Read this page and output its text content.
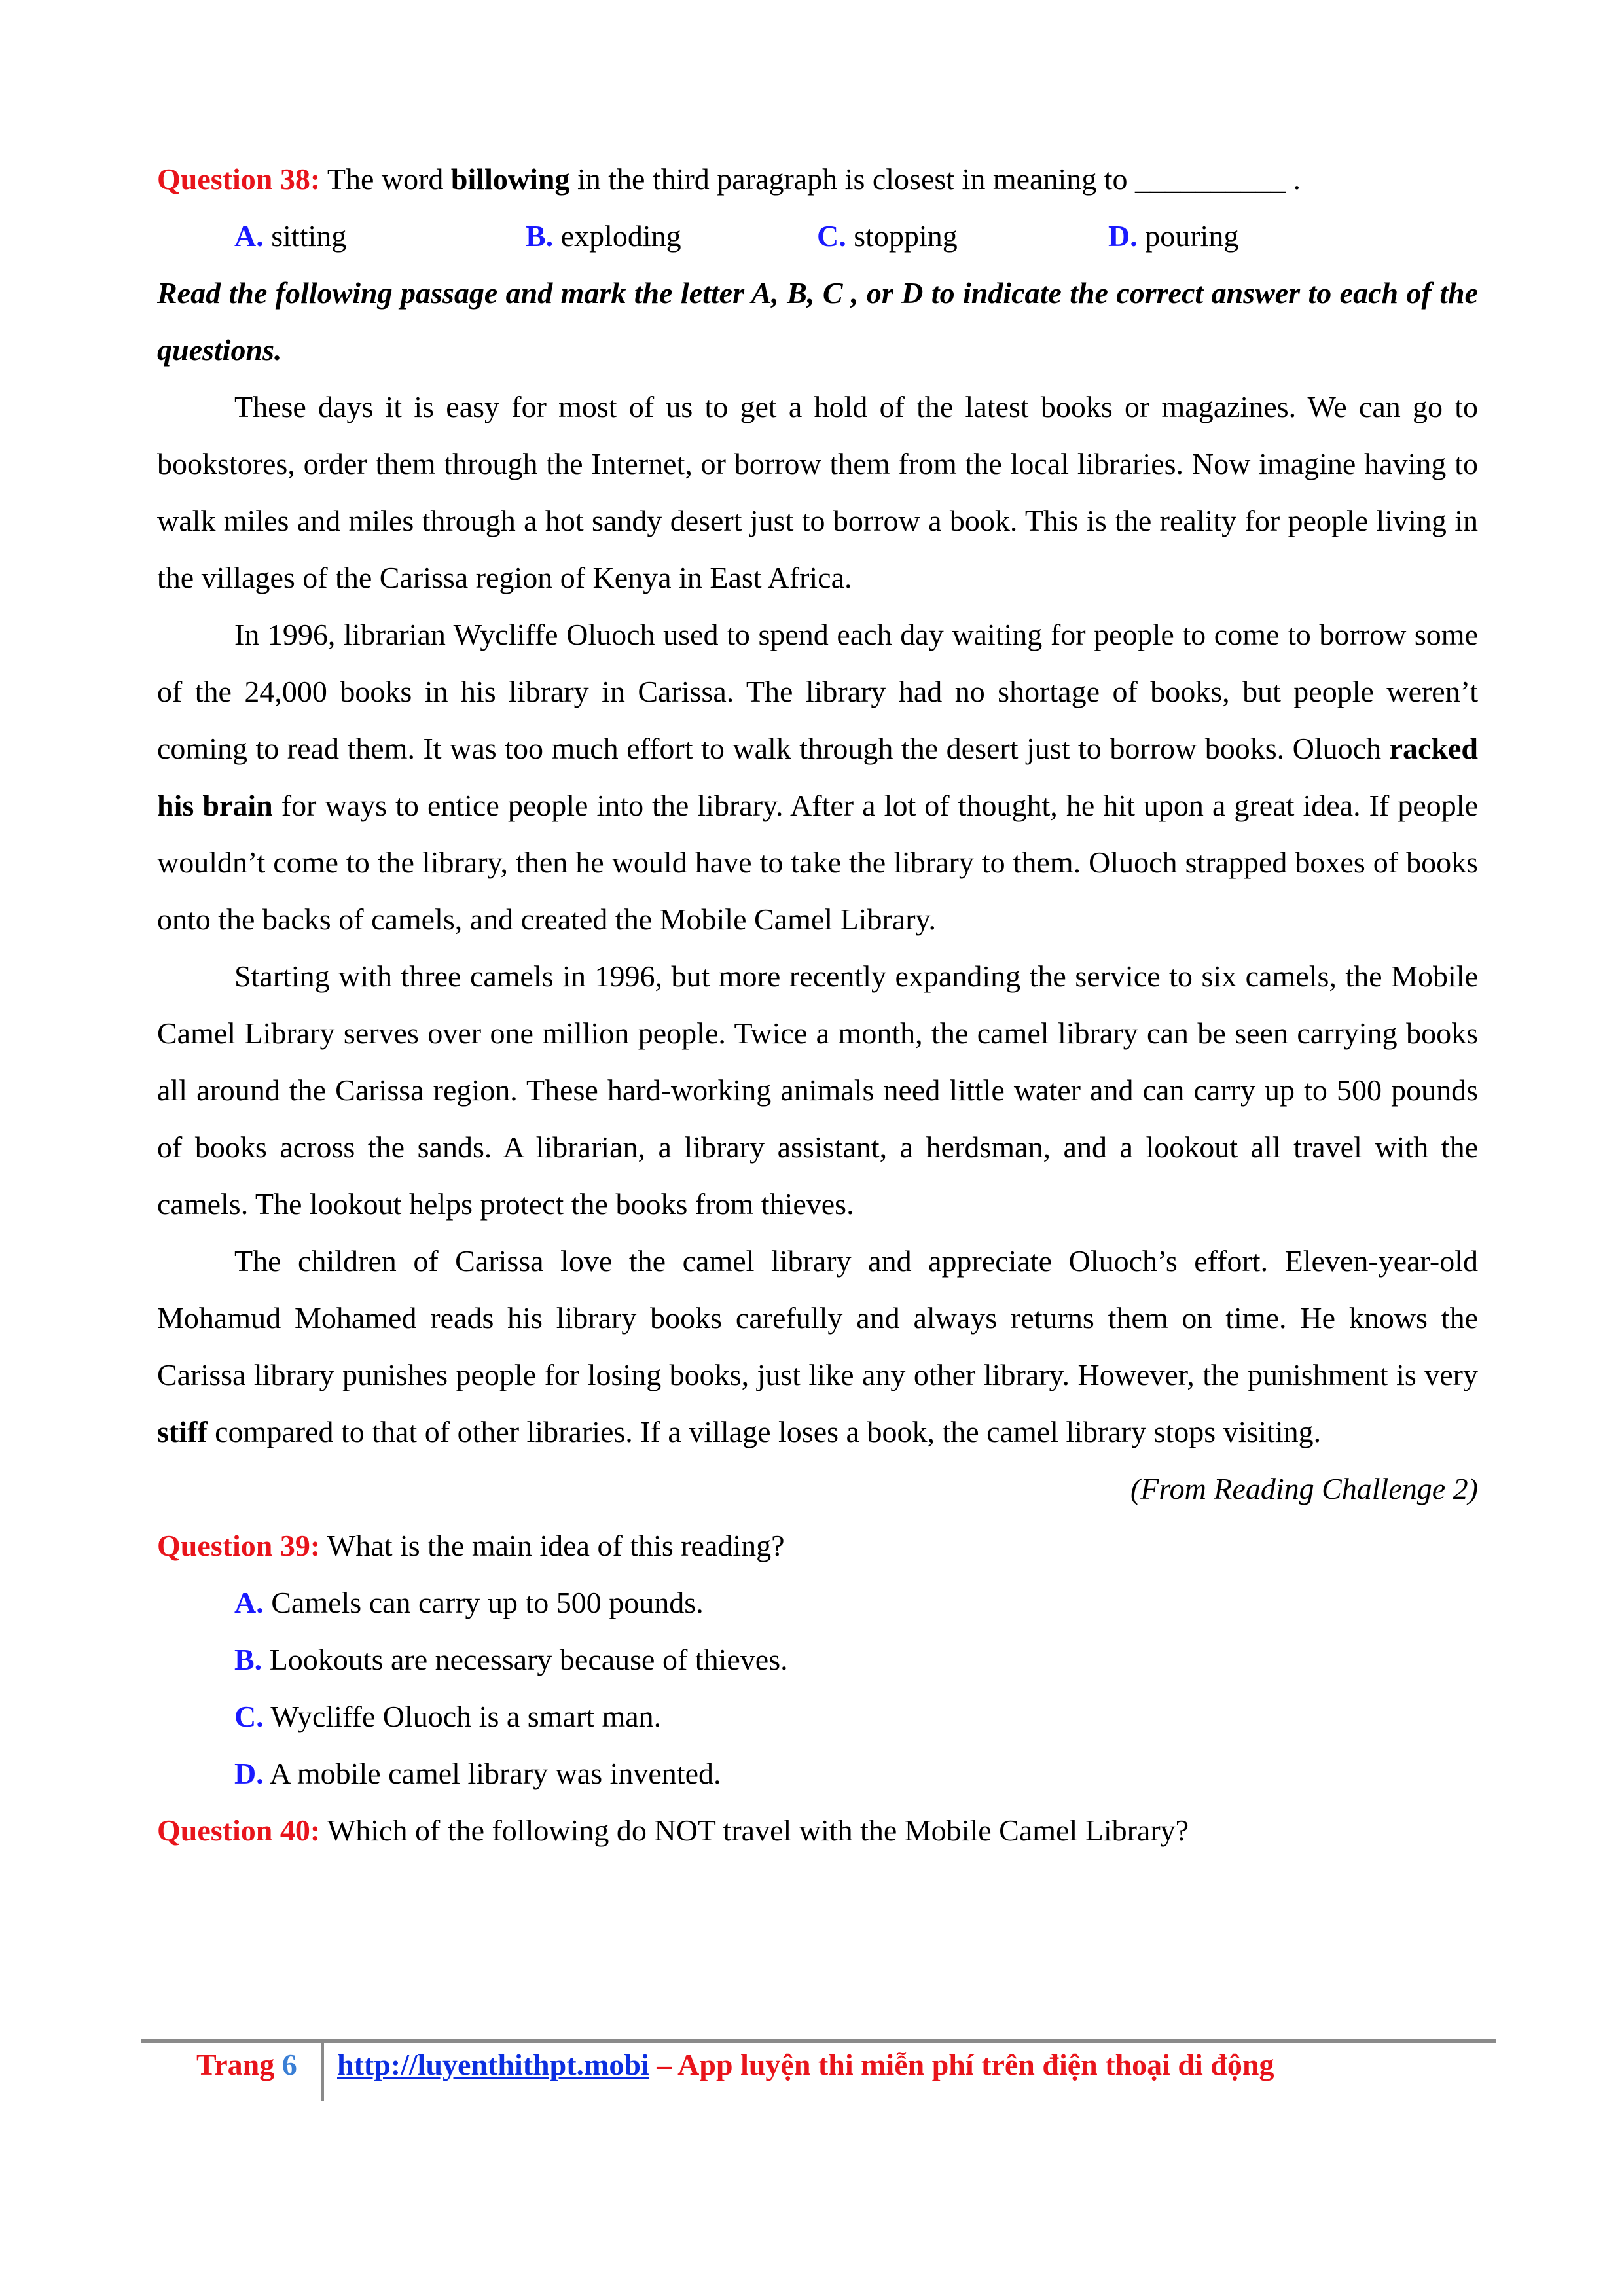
Question 38: The word billowing in the third paragraph is closest in meaning to __________ .
A. sitting	B. exploding	C. stopping	D. pouring
Read the following passage and mark the letter A, B, C , or D to indicate the correct answer to each of the questions.
These days it is easy for most of us to get a hold of the latest books or magazines. We can go to bookstores, order them through the Internet, or borrow them from the local libraries. Now imagine having to walk miles and miles through a hot sandy desert just to borrow a book. This is the reality for people living in the villages of the Carissa region of Kenya in East Africa.
In 1996, librarian Wycliffe Oluoch used to spend each day waiting for people to come to borrow some of the 24,000 books in his library in Carissa. The library had no shortage of books, but people weren’t coming to read them. It was too much effort to walk through the desert just to borrow books. Oluoch racked his brain for ways to entice people into the library. After a lot of thought, he hit upon a great idea. If people wouldn’t come to the library, then he would have to take the library to them. Oluoch strapped boxes of books onto the backs of camels, and created the Mobile Camel Library.
Starting with three camels in 1996, but more recently expanding the service to six camels, the Mobile Camel Library serves over one million people. Twice a month, the camel library can be seen carrying books all around the Carissa region. These hard-working animals need little water and can carry up to 500 pounds of books across the sands. A librarian, a library assistant, a herdsman, and a lookout all travel with the camels. The lookout helps protect the books from thieves.
The children of Carissa love the camel library and appreciate Oluoch’s effort. Eleven-year-old Mohamud Mohamed reads his library books carefully and always returns them on time. He knows the Carissa library punishes people for losing books, just like any other library. However, the punishment is very stiff compared to that of other libraries. If a village loses a book, the camel library stops visiting.
(From Reading Challenge 2)
Question 39: What is the main idea of this reading?
A. Camels can carry up to 500 pounds.
B. Lookouts are necessary because of thieves.
C. Wycliffe Oluoch is a smart man.
D. A mobile camel library was invented.
Question 40: Which of the following do NOT travel with the Mobile Camel Library?
Trang 6 http://luyenthithpt.mobi – App luyện thi miễn phí trên điện thoại di động
